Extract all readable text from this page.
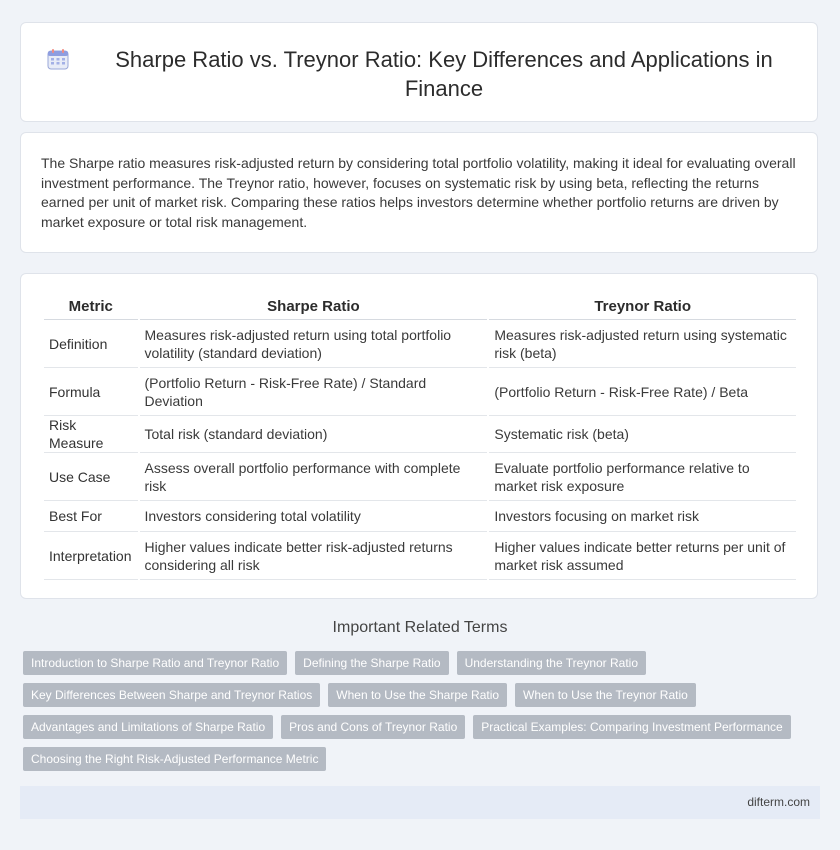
Sharpe Ratio vs. Treynor Ratio: Key Differences and Applications in Finance

The Sharpe ratio measures risk-adjusted return by considering total portfolio volatility, making it ideal for evaluating overall investment performance. The Treynor ratio, however, focuses on systematic risk by using beta, reflecting the returns earned per unit of market risk. Comparing these ratios helps investors determine whether portfolio returns are driven by market exposure or total risk management.

Metric	Sharpe Ratio	Treynor Ratio
Definition	Measures risk-adjusted return using total portfolio volatility (standard deviation)	Measures risk-adjusted return using systematic risk (beta)
Formula	(Portfolio Return - Risk-Free Rate) / Standard Deviation	(Portfolio Return - Risk-Free Rate) / Beta
Risk Measure	Total risk (standard deviation)	Systematic risk (beta)
Use Case	Assess overall portfolio performance with complete risk	Evaluate portfolio performance relative to market risk exposure
Best For	Investors considering total volatility	Investors focusing on market risk
Interpretation	Higher values indicate better risk-adjusted returns considering all risk	Higher values indicate better returns per unit of market risk assumed
Important Related Terms
Introduction to Sharpe Ratio and Treynor Ratio	Defining the Sharpe Ratio	Understanding the Treynor Ratio
Key Differences Between Sharpe and Treynor Ratios	When to Use the Sharpe Ratio	When to Use the Treynor Ratio
Advantages and Limitations of Sharpe Ratio	Pros and Cons of Treynor Ratio	Practical Examples: Comparing Investment Performance
Choosing the Right Risk-Adjusted Performance Metric
difterm.com
